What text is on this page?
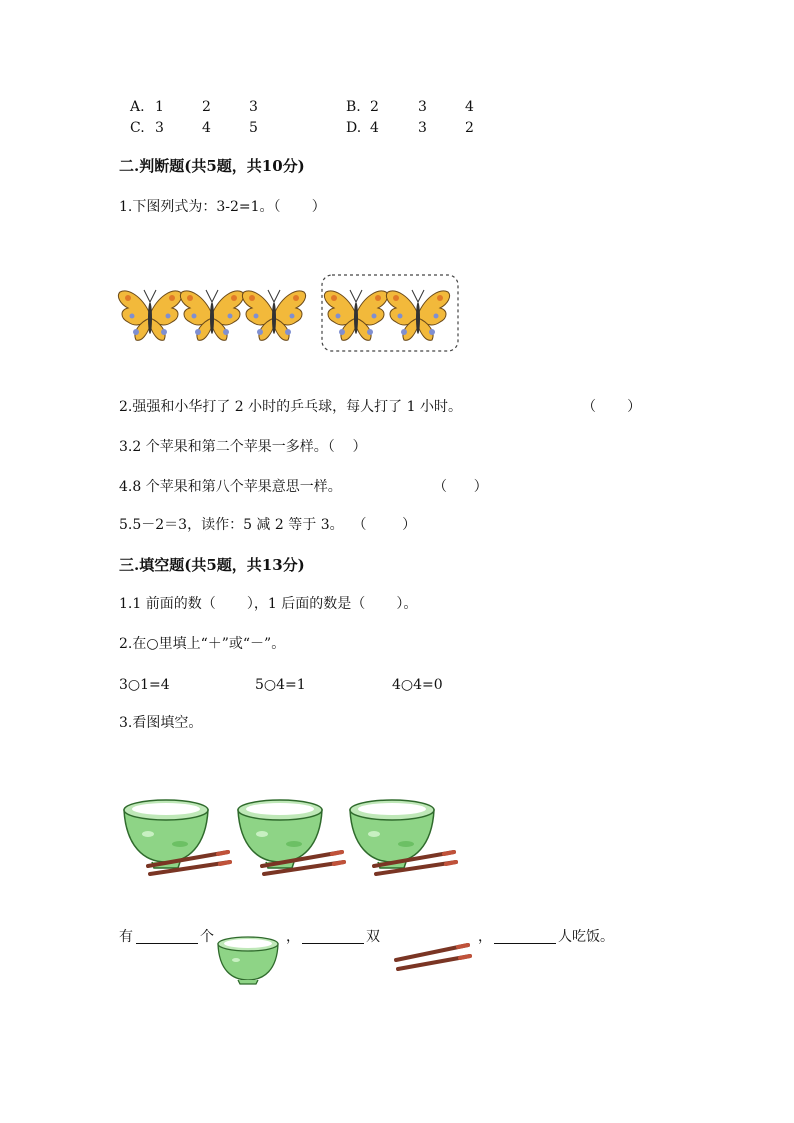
A. 1	2	3	B. 2	3	4
C. 3	4	5	D. 4	3	2
二.判断题(共5题，共10分)
1.下图列式为：3-2=1。（       ）
2.强强和小华打了 2 小时的乒乓球，每人打了 1 小时。	（       ）
3.2 个苹果和第二个苹果一多样。（    ）
4.8 个苹果和第八个苹果意思一样。	（      ）
5.5－2＝3，读作：5 减 2 等于 3。  （        ）
三.填空题(共5题，共13分)
1.1 前面的数（       ），1 后面的数是（       ）。
2.在○里填上“＋”或“－”。
3○1=4	5○4=1	4○4=0
3.看图填空。
有	个	，	双	，	人吃饭。
